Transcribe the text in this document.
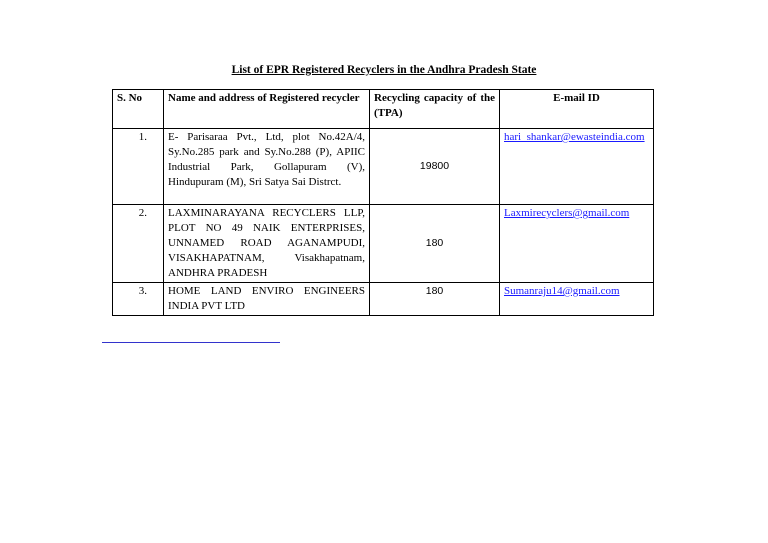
List of EPR Registered Recyclers in the Andhra Pradesh State
S. No	Name and address of Registered recycler	Recycling capacity of the (TPA)	E-mail ID
1.	E- Parisaraa Pvt., Ltd, plot No.42A/4, Sy.No.285 park and Sy.No.288 (P), APIIC Industrial Park, Gollapuram (V), Hindupuram (M), Sri Satya Sai Distrct.	19800	hari_shankar@ewasteindia.com
2.	LAXMINARAYANA RECYCLERS LLP, PLOT NO 49 NAIK ENTERPRISES, UNNAMED ROAD AGANAMPUDI, VISAKHAPATNAM, Visakhapatnam, ANDHRA PRADESH	180	Laxmirecyclers@gmail.com
3.	HOME LAND ENVIRO ENGINEERS INDIA PVT LTD	180	Sumanraju14@gmail.com
